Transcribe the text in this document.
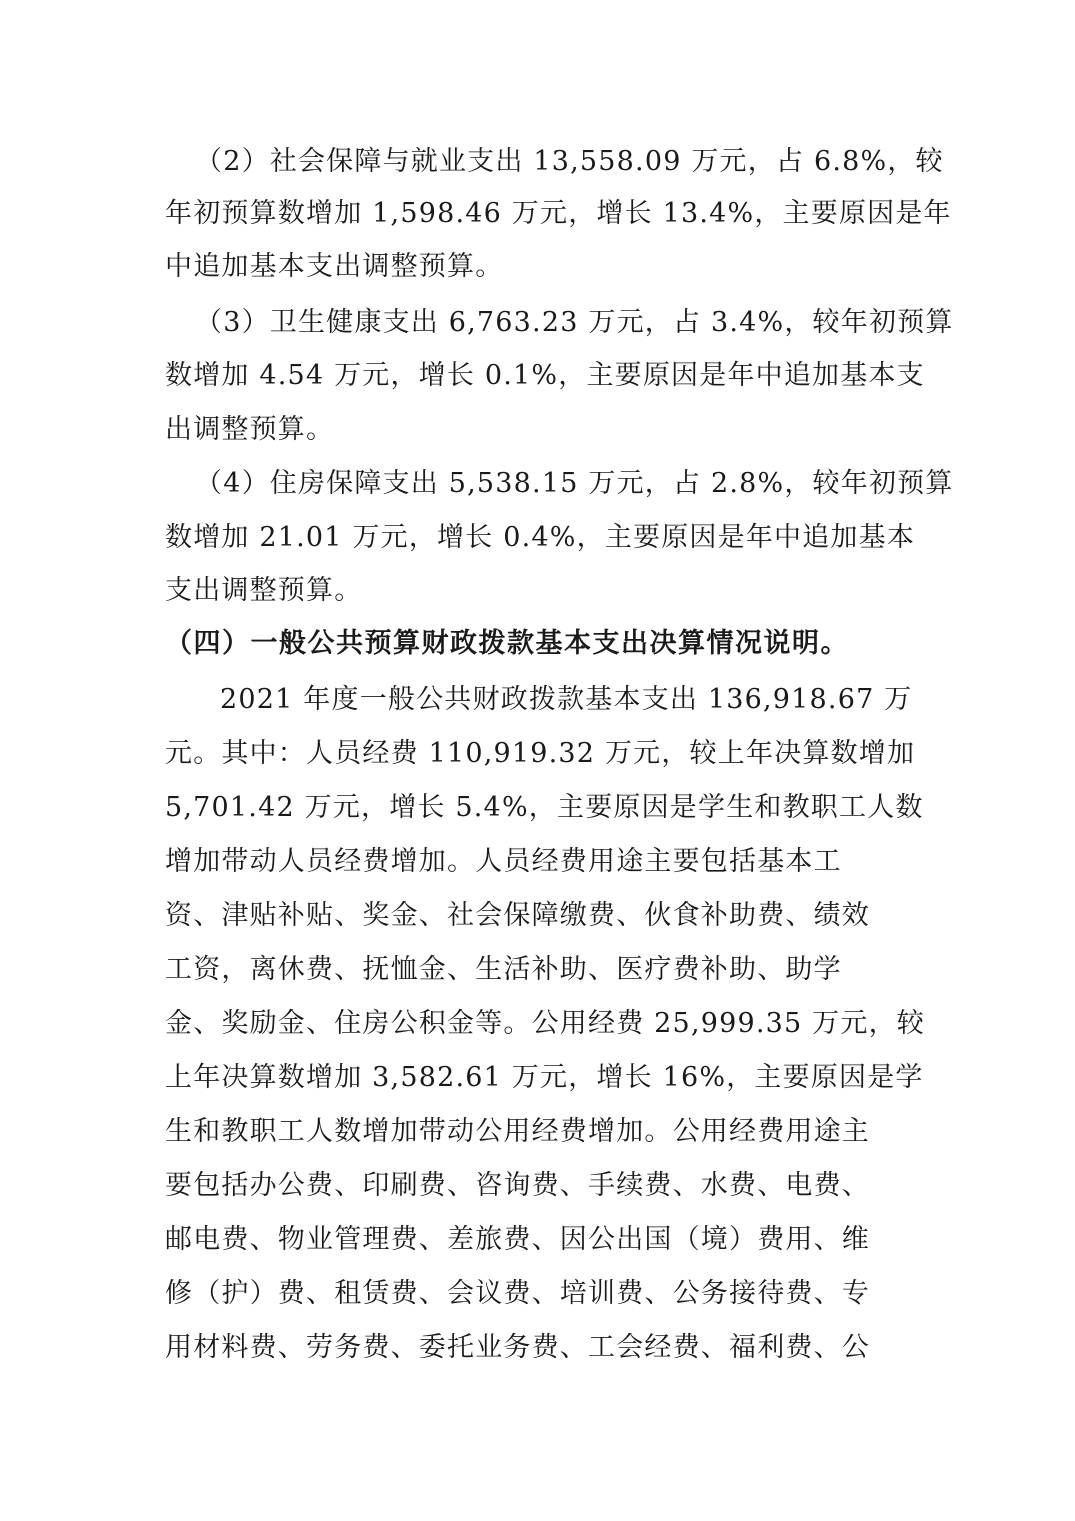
（2）社会保障与就业支出 13,558.09 万元，占 6.8%，较
年初预算数增加 1,598.46 万元，增长 13.4%，主要原因是年
中追加基本支出调整预算。
（3）卫生健康支出 6,763.23 万元，占 3.4%，较年初预算
数增加 4.54 万元，增长 0.1%，主要原因是年中追加基本支
出调整预算。
（4）住房保障支出 5,538.15 万元，占 2.8%，较年初预算
数增加 21.01 万元，增长 0.4%，主要原因是年中追加基本
支出调整预算。
（四）一般公共预算财政拨款基本支出决算情况说明。
2021 年度一般公共财政拨款基本支出 136,918.67 万
元。其中：人员经费 110,919.32 万元，较上年决算数增加
5,701.42 万元，增长 5.4%，主要原因是学生和教职工人数
增加带动人员经费增加。人员经费用途主要包括基本工
资、津贴补贴、奖金、社会保障缴费、伙食补助费、绩效
工资，离休费、抚恤金、生活补助、医疗费补助、助学
金、奖励金、住房公积金等。公用经费 25,999.35 万元，较
上年决算数增加 3,582.61 万元，增长 16%，主要原因是学
生和教职工人数增加带动公用经费增加。公用经费用途主
要包括办公费、印刷费、咨询费、手续费、水费、电费、
邮电费、物业管理费、差旅费、因公出国（境）费用、维
修（护）费、租赁费、会议费、培训费、公务接待费、专
用材料费、劳务费、委托业务费、工会经费、福利费、公
